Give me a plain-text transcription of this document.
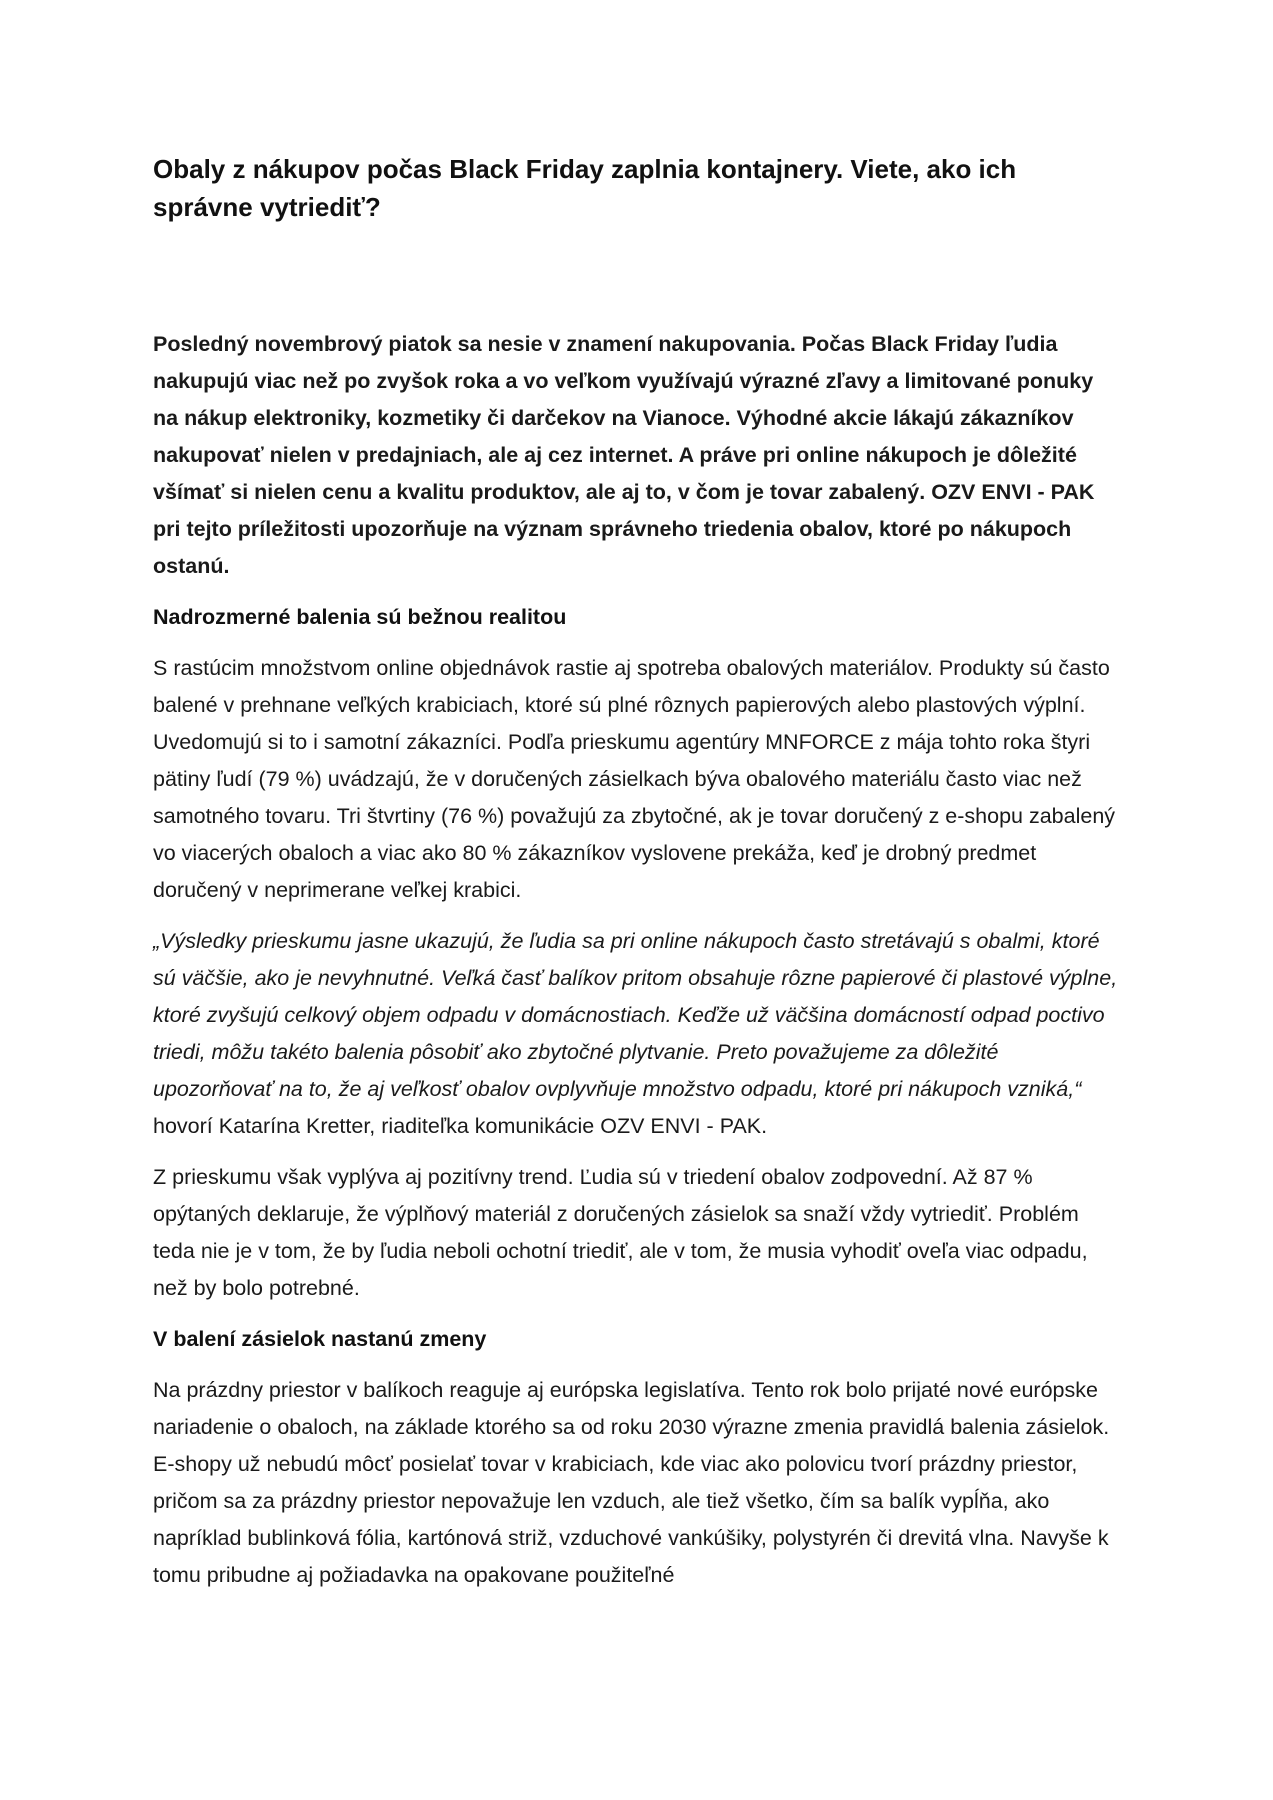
Obaly z nákupov počas Black Friday zaplnia kontajnery. Viete, ako ich správne vytriediť?

Posledný novembrový piatok sa nesie v znamení nakupovania. Počas Black Friday ľudia nakupujú viac než po zvyšok roka a vo veľkom využívajú výrazné zľavy a limitované ponuky na nákup elektroniky, kozmetiky či darčekov na Vianoce. Výhodné akcie lákajú zákazníkov nakupovať nielen v predajniach, ale aj cez internet. A práve pri online nákupoch je dôležité všímať si nielen cenu a kvalitu produktov, ale aj to, v čom je tovar zabalený. OZV ENVI - PAK pri tejto príležitosti upozorňuje na význam správneho triedenia obalov, ktoré po nákupoch ostanú.

Nadrozmerné balenia sú bežnou realitou

S rastúcim množstvom online objednávok rastie aj spotreba obalových materiálov. Produkty sú často balené v prehnane veľkých krabiciach, ktoré sú plné rôznych papierových alebo plastových výplní. Uvedomujú si to i samotní zákazníci. Podľa prieskumu agentúry MNFORCE z mája tohto roka štyri pätiny ľudí (79 %) uvádzajú, že v doručených zásielkach býva obalového materiálu často viac než samotného tovaru. Tri štvrtiny (76 %) považujú za zbytočné, ak je tovar doručený z e-shopu zabalený vo viacerých obaloch a viac ako 80 % zákazníkov vyslovene prekáža, keď je drobný predmet doručený v neprimerane veľkej krabici.

„Výsledky prieskumu jasne ukazujú, že ľudia sa pri online nákupoch často stretávajú s obalmi, ktoré sú väčšie, ako je nevyhnutné. Veľká časť balíkov pritom obsahuje rôzne papierové či plastové výplne, ktoré zvyšujú celkový objem odpadu v domácnostiach. Keďže už väčšina domácností odpad poctivo triedi, môžu takéto balenia pôsobiť ako zbytočné plytvanie. Preto považujeme za dôležité upozorňovať na to, že aj veľkosť obalov ovplyvňuje množstvo odpadu, ktoré pri nákupoch vzniká,“ hovorí Katarína Kretter, riaditeľka komunikácie OZV ENVI - PAK.

Z prieskumu však vyplýva aj pozitívny trend. Ľudia sú v triedení obalov zodpovední. Až 87 % opýtaných deklaruje, že výplňový materiál z doručených zásielok sa snaží vždy vytriediť. Problém teda nie je v tom, že by ľudia neboli ochotní triediť, ale v tom, že musia vyhodiť oveľa viac odpadu, než by bolo potrebné.

V balení zásielok nastanú zmeny

Na prázdny priestor v balíkoch reaguje aj európska legislatíva. Tento rok bolo prijaté nové európske nariadenie o obaloch, na základe ktorého sa od roku 2030 výrazne zmenia pravidlá balenia zásielok. E-shopy už nebudú môcť posielať tovar v krabiciach, kde viac ako polovicu tvorí prázdny priestor, pričom sa za prázdny priestor nepovažuje len vzduch, ale tiež všetko, čím sa balík vypĺňa, ako napríklad bublinková fólia, kartónová striž, vzduchové vankúšiky, polystyrén či drevitá vlna. Navyše k tomu pribudne aj požiadavka na opakovane použiteľné
